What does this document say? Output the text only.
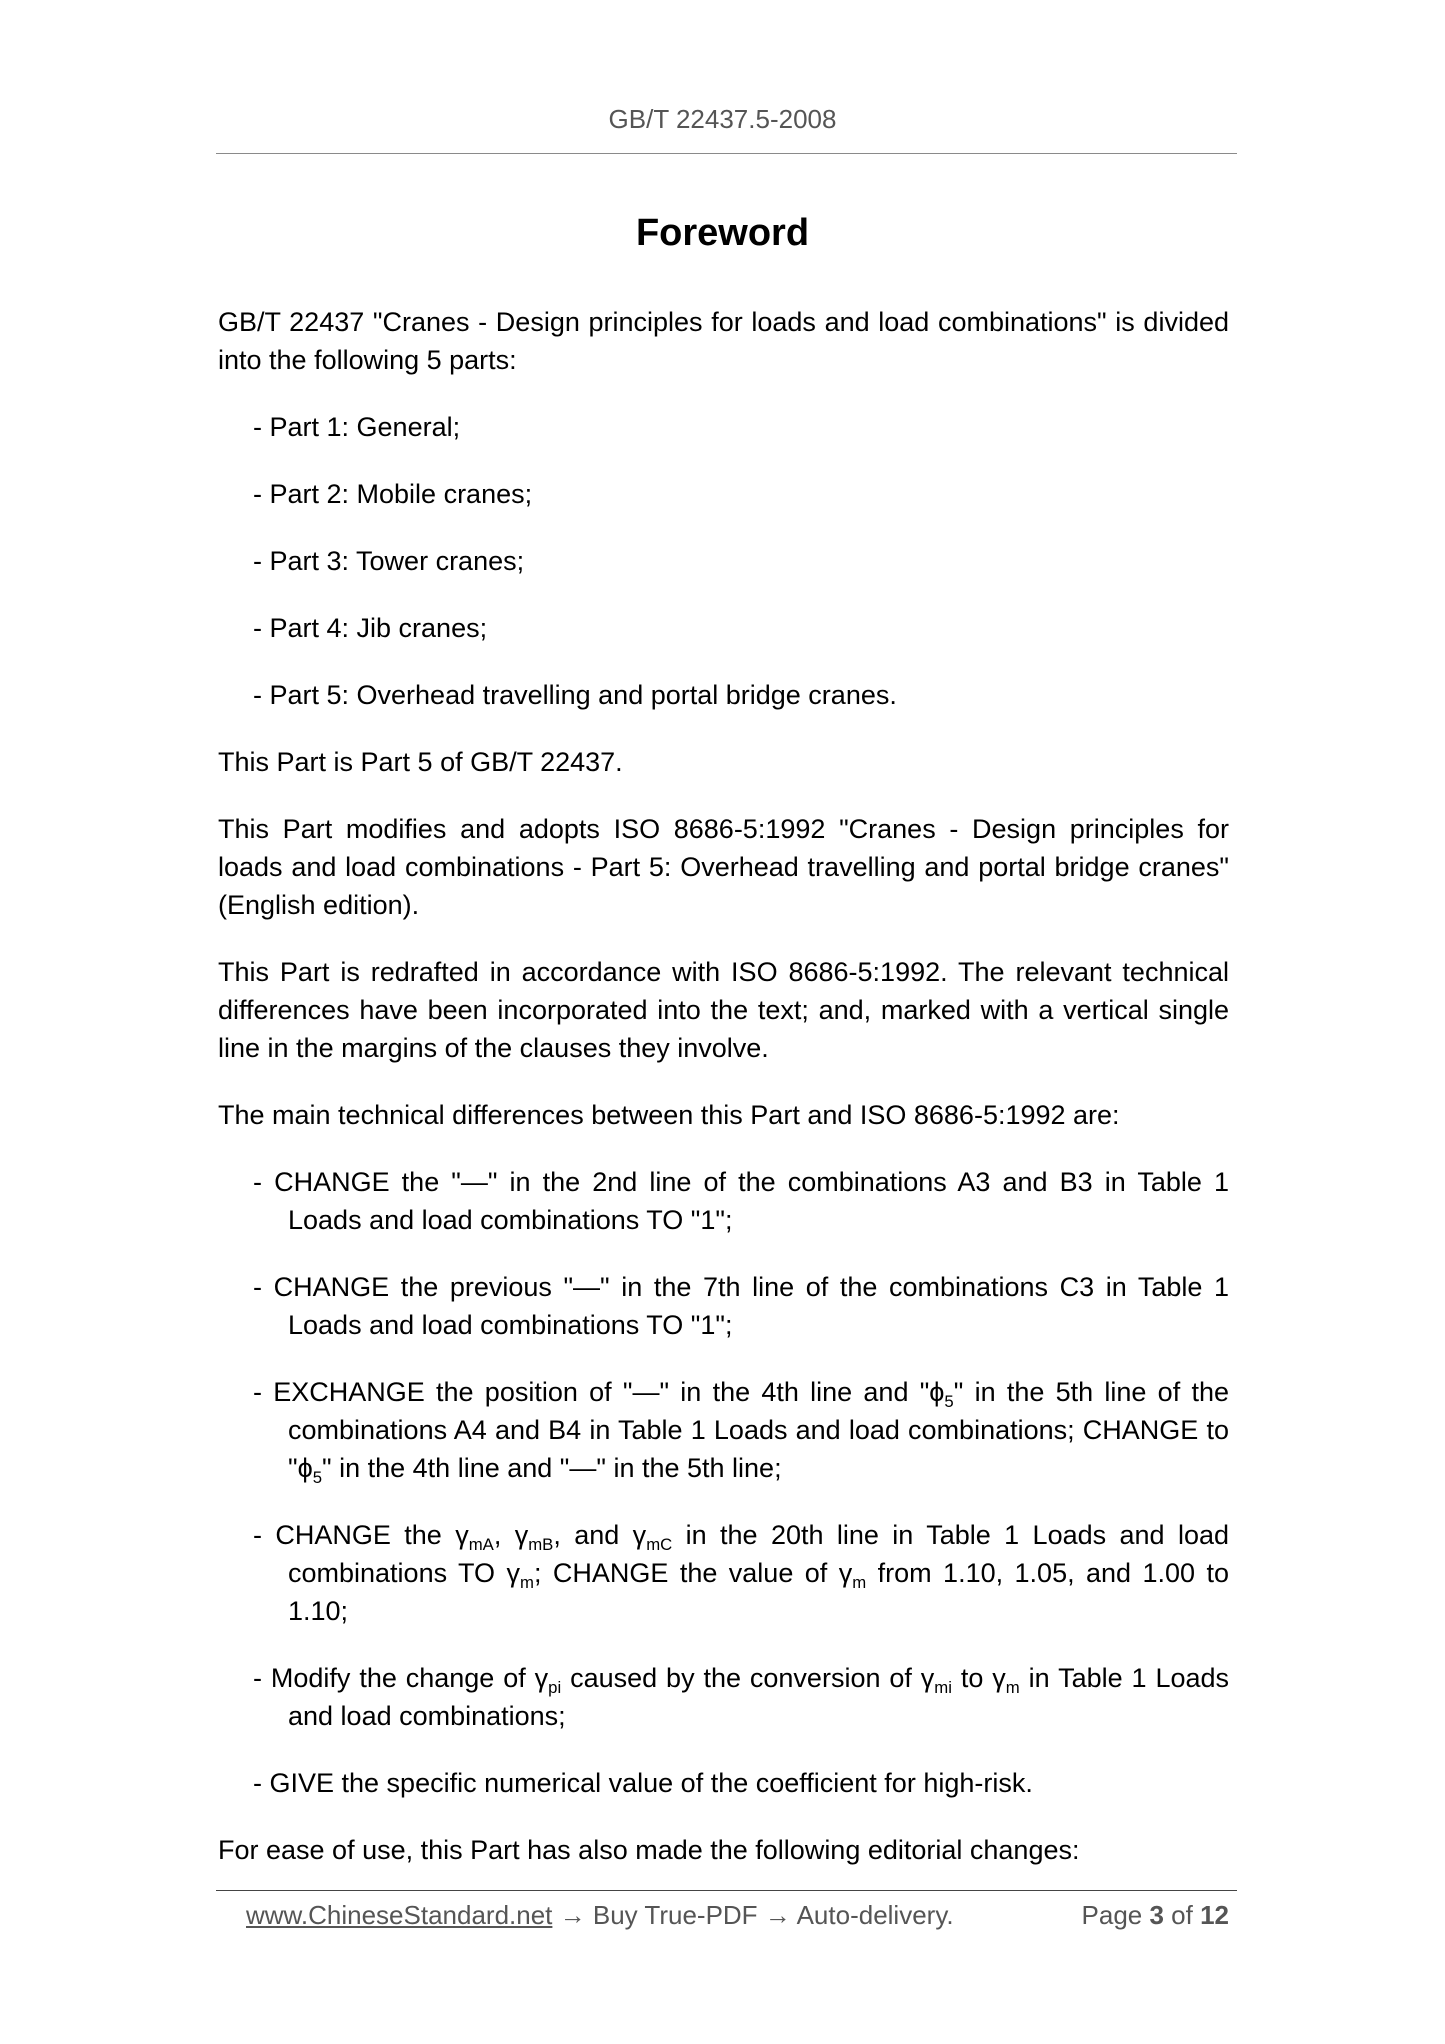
GB/T 22437.5-2008
Foreword

GB/T 22437 "Cranes - Design principles for loads and load combinations" is divided into the following 5 parts:

- Part 1: General;

- Part 2: Mobile cranes;

- Part 3: Tower cranes;

- Part 4: Jib cranes;

- Part 5: Overhead travelling and portal bridge cranes.

This Part is Part 5 of GB/T 22437.

This Part modifies and adopts ISO 8686-5:1992 "Cranes - Design principles for loads and load combinations - Part 5: Overhead travelling and portal bridge cranes" (English edition).

This Part is redrafted in accordance with ISO 8686-5:1992. The relevant technical differences have been incorporated into the text; and, marked with a vertical single line in the margins of the clauses they involve.

The main technical differences between this Part and ISO 8686-5:1992 are:

- CHANGE the "—" in the 2nd line of the combinations A3 and B3 in Table 1 Loads and load combinations TO "1";

- CHANGE the previous "—" in the 7th line of the combinations C3 in Table 1 Loads and load combinations TO "1";

- EXCHANGE the position of "—" in the 4th line and "$\phi_5$" in the 5th line of the combinations A4 and B4 in Table 1 Loads and load combinations; CHANGE to "$\phi_5$" in the 4th line and "—" in the 5th line;

- CHANGE the $\gamma_{mA}$, $\gamma_{mB}$, and $\gamma_{mC}$ in the 20th line in Table 1 Loads and load combinations TO $\gamma_m$; CHANGE the value of $\gamma_m$ from 1.10, 1.05, and 1.00 to 1.10;

- Modify the change of $\gamma_{pi}$ caused by the conversion of $\gamma_{mi}$ to $\gamma_m$ in Table 1 Loads and load combinations;

- GIVE the specific numerical value of the coefficient for high-risk.

For ease of use, this Part has also made the following editorial changes:

www.ChineseStandard.net → Buy True-PDF → Auto-delivery.	Page 3 of 12
